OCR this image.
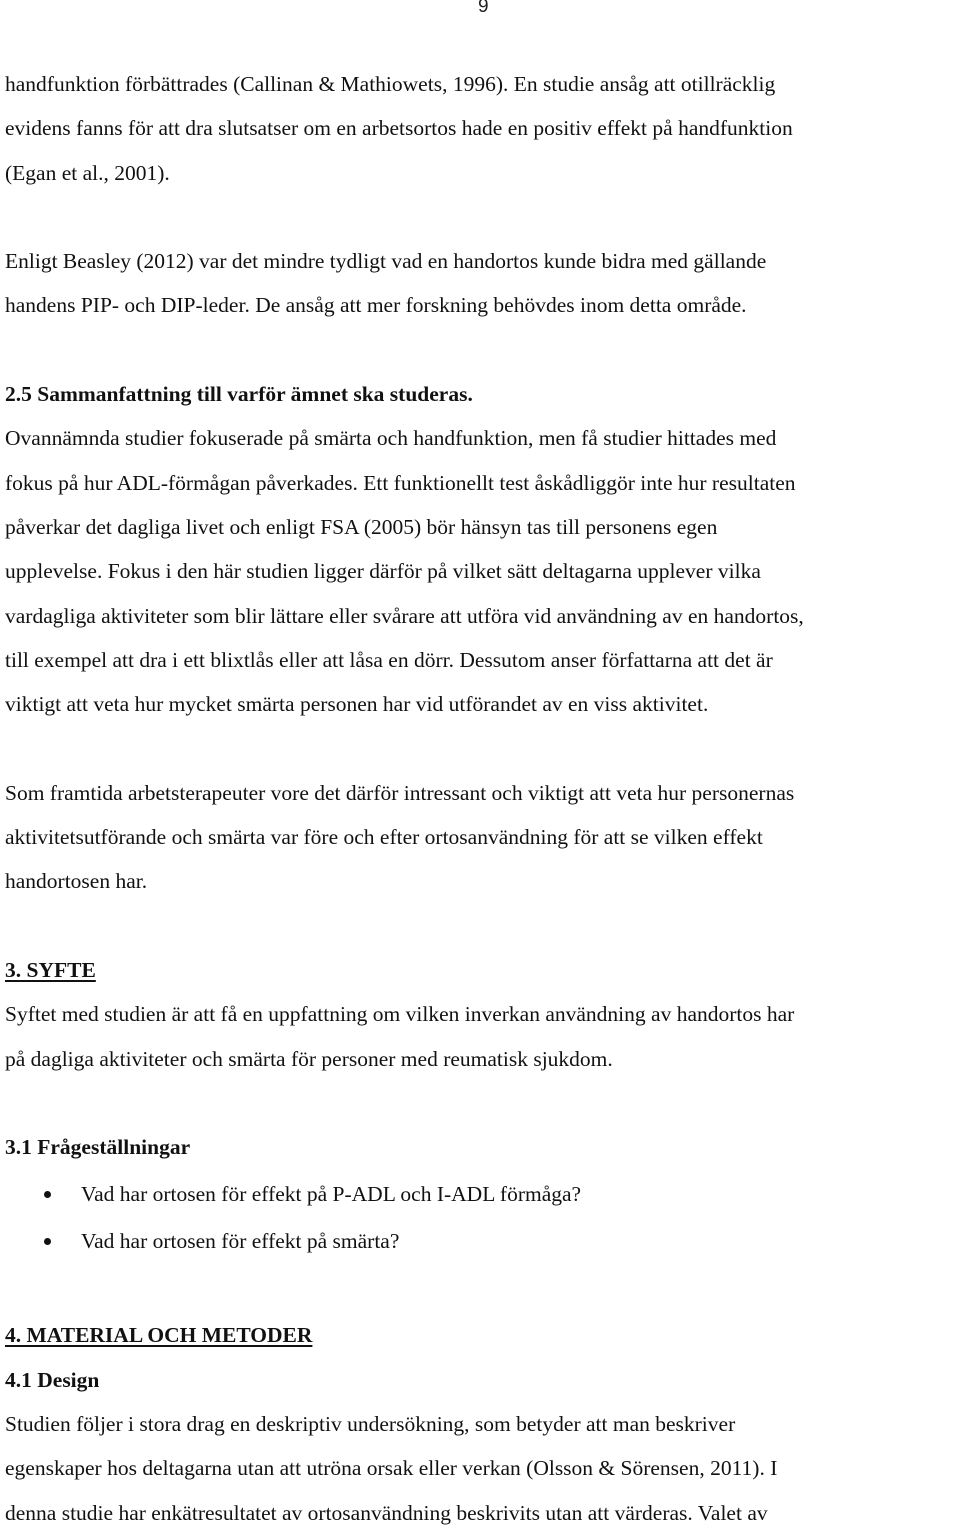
9

handfunktion förbättrades (Callinan & Mathiowets, 1996). En studie ansåg att otillräcklig

evidens fanns för att dra slutsatser om en arbetsortos hade en positiv effekt på handfunktion

(Egan et al., 2001).

Enligt Beasley (2012) var det mindre tydligt vad en handortos kunde bidra med gällande

handens PIP- och DIP-leder. De ansåg att mer forskning behövdes inom detta område.

2.5 Sammanfattning till varför ämnet ska studeras.

Ovannämnda studier fokuserade på smärta och handfunktion, men få studier hittades med

fokus på hur ADL-förmågan påverkades. Ett funktionellt test åskådliggör inte hur resultaten

påverkar det dagliga livet och enligt FSA (2005) bör hänsyn tas till personens egen

upplevelse. Fokus i den här studien ligger därför på vilket sätt deltagarna upplever vilka

vardagliga aktiviteter som blir lättare eller svårare att utföra vid användning av en handortos,

till exempel att dra i ett blixtlås eller att låsa en dörr. Dessutom anser författarna att det är

viktigt att veta hur mycket smärta personen har vid utförandet av en viss aktivitet.

Som framtida arbetsterapeuter vore det därför intressant och viktigt att veta hur personernas

aktivitetsutförande och smärta var före och efter ortosanvändning för att se vilken effekt

handortosen har.

3. SYFTE

Syftet med studien är att få en uppfattning om vilken inverkan användning av handortos har

på dagliga aktiviteter och smärta för personer med reumatisk sjukdom.

3.1 Frågeställningar

Vad har ortosen för effekt på P-ADL och I-ADL förmåga?
Vad har ortosen för effekt på smärta?

4. MATERIAL OCH METODER

4.1 Design

Studien följer i stora drag en deskriptiv undersökning, som betyder att man beskriver

egenskaper hos deltagarna utan att utröna orsak eller verkan (Olsson & Sörensen, 2011). I

denna studie har enkätresultatet av ortosanvändning beskrivits utan att värderas. Valet av
